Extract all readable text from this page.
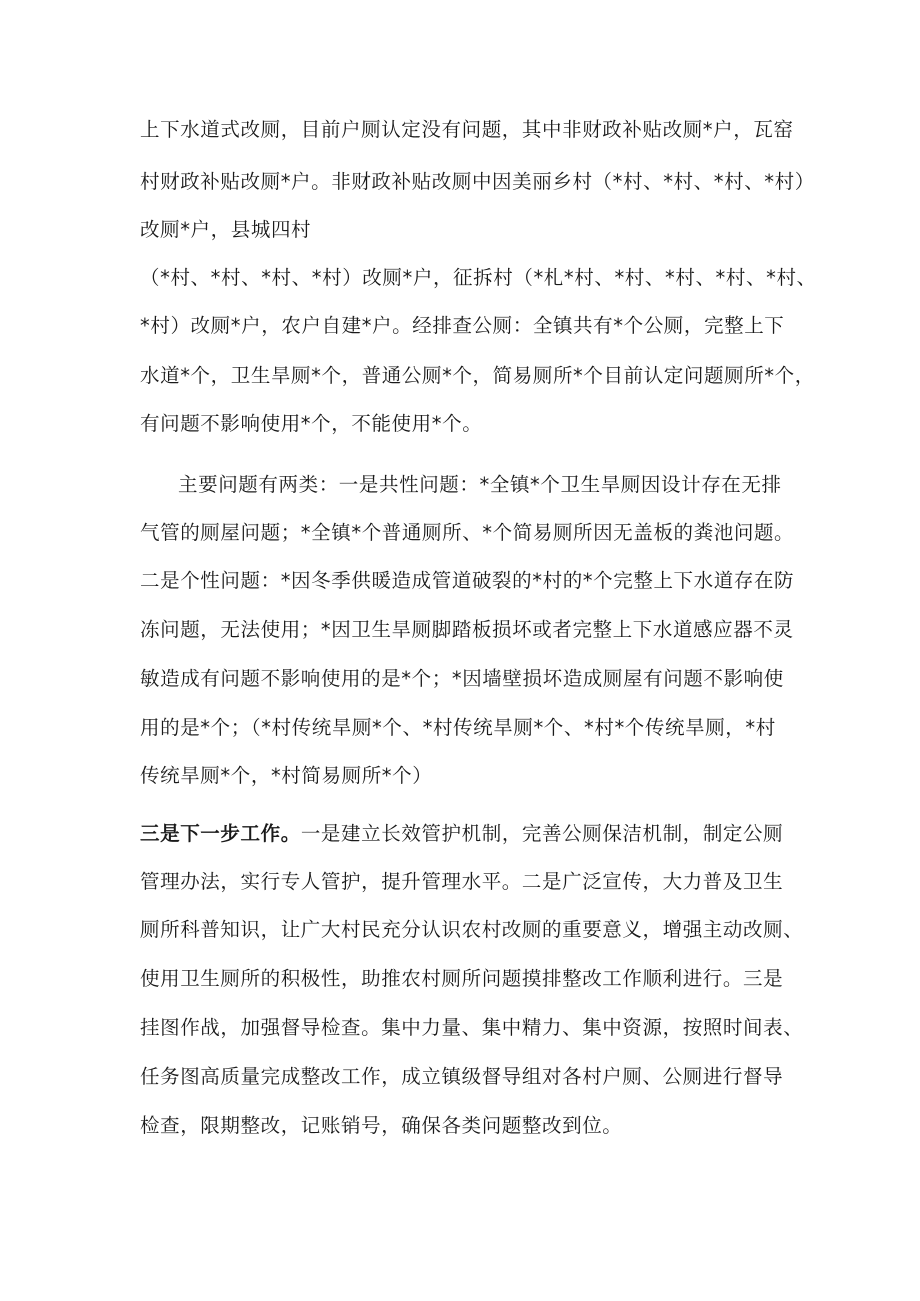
上下水道式改厕，目前户厕认定没有问题，其中非财政补贴改厕*户，瓦窑
村财政补贴改厕*户。非财政补贴改厕中因美丽乡村（*村、*村、*村、*村）
改厕*户，县城四村
（*村、*村、*村、*村）改厕*户，征拆村（*札*村、*村、*村、*村、*村、
*村）改厕*户，农户自建*户。经排查公厕：全镇共有*个公厕，完整上下
水道*个，卫生旱厕*个，普通公厕*个，简易厕所*个目前认定问题厕所*个，
有问题不影响使用*个，不能使用*个。
主要问题有两类：一是共性问题：*全镇*个卫生旱厕因设计存在无排
气管的厕屋问题；*全镇*个普通厕所、*个简易厕所因无盖板的粪池问题。
二是个性问题：*因冬季供暖造成管道破裂的*村的*个完整上下水道存在防
冻问题，无法使用；*因卫生旱厕脚踏板损坏或者完整上下水道感应器不灵
敏造成有问题不影响使用的是*个；*因墙壁损坏造成厕屋有问题不影响使
用的是*个；（*村传统旱厕*个、*村传统旱厕*个、*村*个传统旱厕，*村
传统旱厕*个，*村简易厕所*个）
三是下一步工作。一是建立长效管护机制，完善公厕保洁机制，制定公厕
管理办法，实行专人管护，提升管理水平。二是广泛宣传，大力普及卫生
厕所科普知识，让广大村民充分认识农村改厕的重要意义，增强主动改厕、
使用卫生厕所的积极性，助推农村厕所问题摸排整改工作顺利进行。三是
挂图作战，加强督导检查。集中力量、集中精力、集中资源，按照时间表、
任务图高质量完成整改工作，成立镇级督导组对各村户厕、公厕进行督导
检查，限期整改，记账销号，确保各类问题整改到位。
